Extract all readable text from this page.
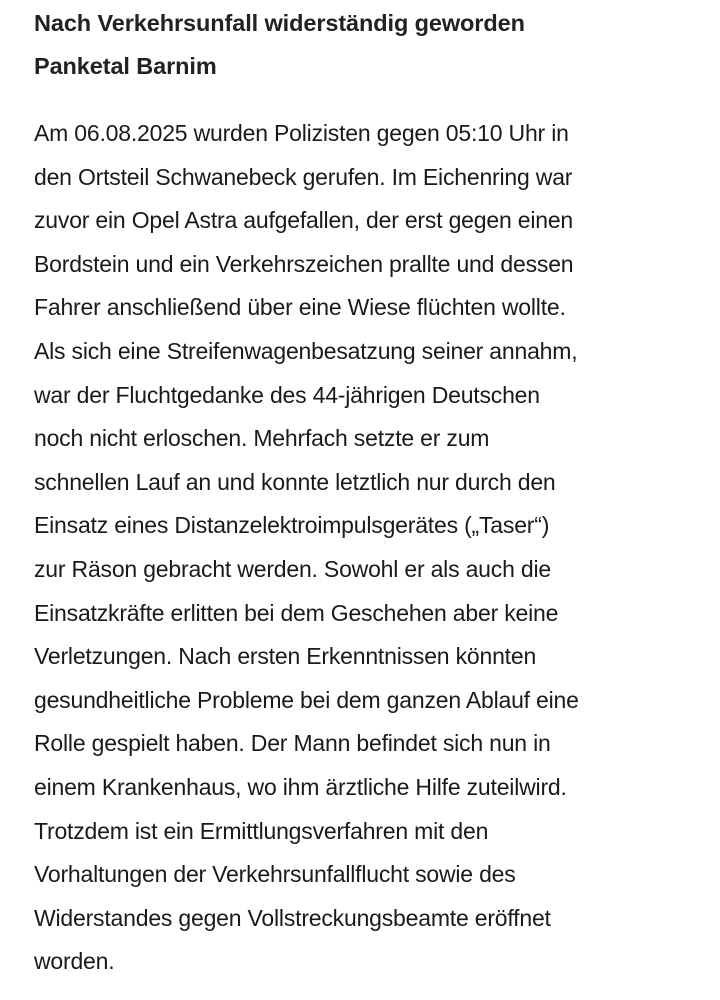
Nach Verkehrsunfall widerständig geworden
Panketal Barnim

Am 06.08.2025 wurden Polizisten gegen 05:10 Uhr in
den Ortsteil Schwanebeck gerufen. Im Eichenring war
zuvor ein Opel Astra aufgefallen, der erst gegen einen
Bordstein und ein Verkehrszeichen prallte und dessen
Fahrer anschließend über eine Wiese flüchten wollte.
Als sich eine Streifenwagenbesatzung seiner annahm,
war der Fluchtgedanke des 44-jährigen Deutschen
noch nicht erloschen. Mehrfach setzte er zum
schnellen Lauf an und konnte letztlich nur durch den
Einsatz eines Distanzelektroimpulsgerätes („Taser“)
zur Räson gebracht werden. Sowohl er als auch die
Einsatzkräfte erlitten bei dem Geschehen aber keine
Verletzungen. Nach ersten Erkenntnissen könnten
gesundheitliche Probleme bei dem ganzen Ablauf eine
Rolle gespielt haben. Der Mann befindet sich nun in
einem Krankenhaus, wo ihm ärztliche Hilfe zuteilwird.
Trotzdem ist ein Ermittlungsverfahren mit den
Vorhaltungen der Verkehrsunfallflucht sowie des
Widerstandes gegen Vollstreckungsbeamte eröffnet
worden.
